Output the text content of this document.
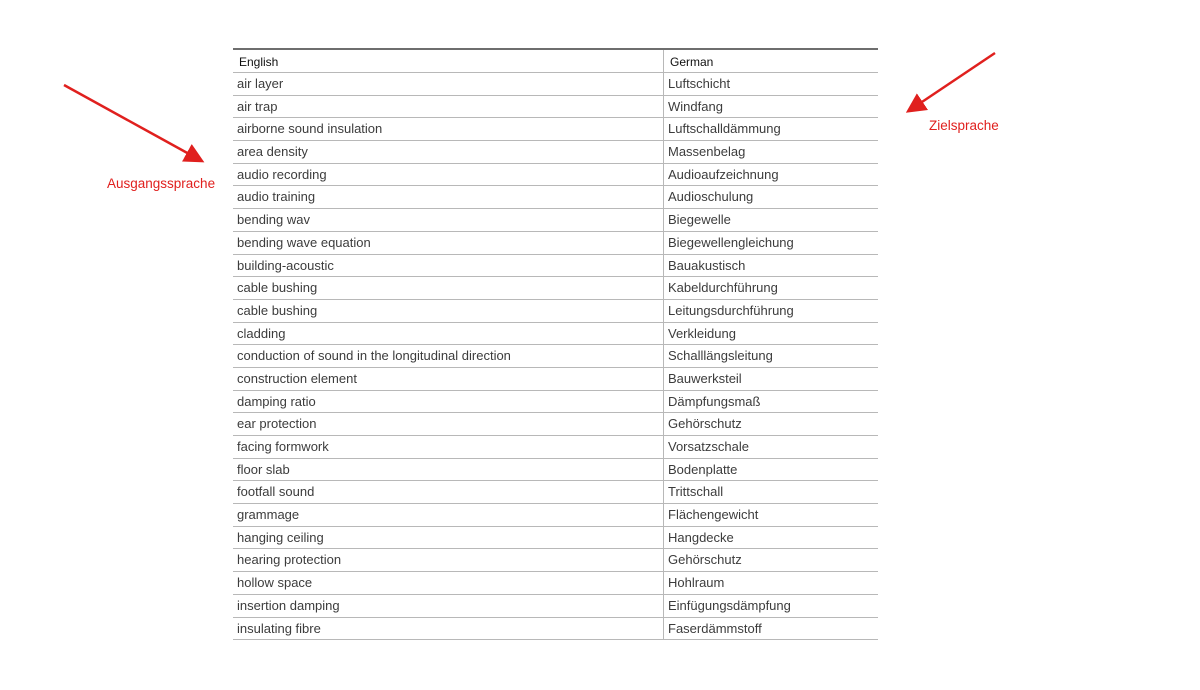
Ausgangssprache
Zielsprache
English	German
air layer	Luftschicht
air trap	Windfang
airborne sound insulation	Luftschalldämmung
area density	Massenbelag
audio recording	Audioaufzeichnung
audio training	Audioschulung
bending wav	Biegewelle
bending wave equation	Biegewellengleichung
building-acoustic	Bauakustisch
cable bushing	Kabeldurchführung
cable bushing	Leitungsdurchführung
cladding	Verkleidung
conduction of sound in the longitudinal direction	Schalllängsleitung
construction element	Bauwerksteil
damping ratio	Dämpfungsmaß
ear protection	Gehörschutz
facing formwork	Vorsatzschale
floor slab	Bodenplatte
footfall sound	Trittschall
grammage	Flächengewicht
hanging ceiling	Hangdecke
hearing protection	Gehörschutz
hollow space	Hohlraum
insertion damping	Einfügungsdämpfung
insulating fibre	Faserdämmstoff
